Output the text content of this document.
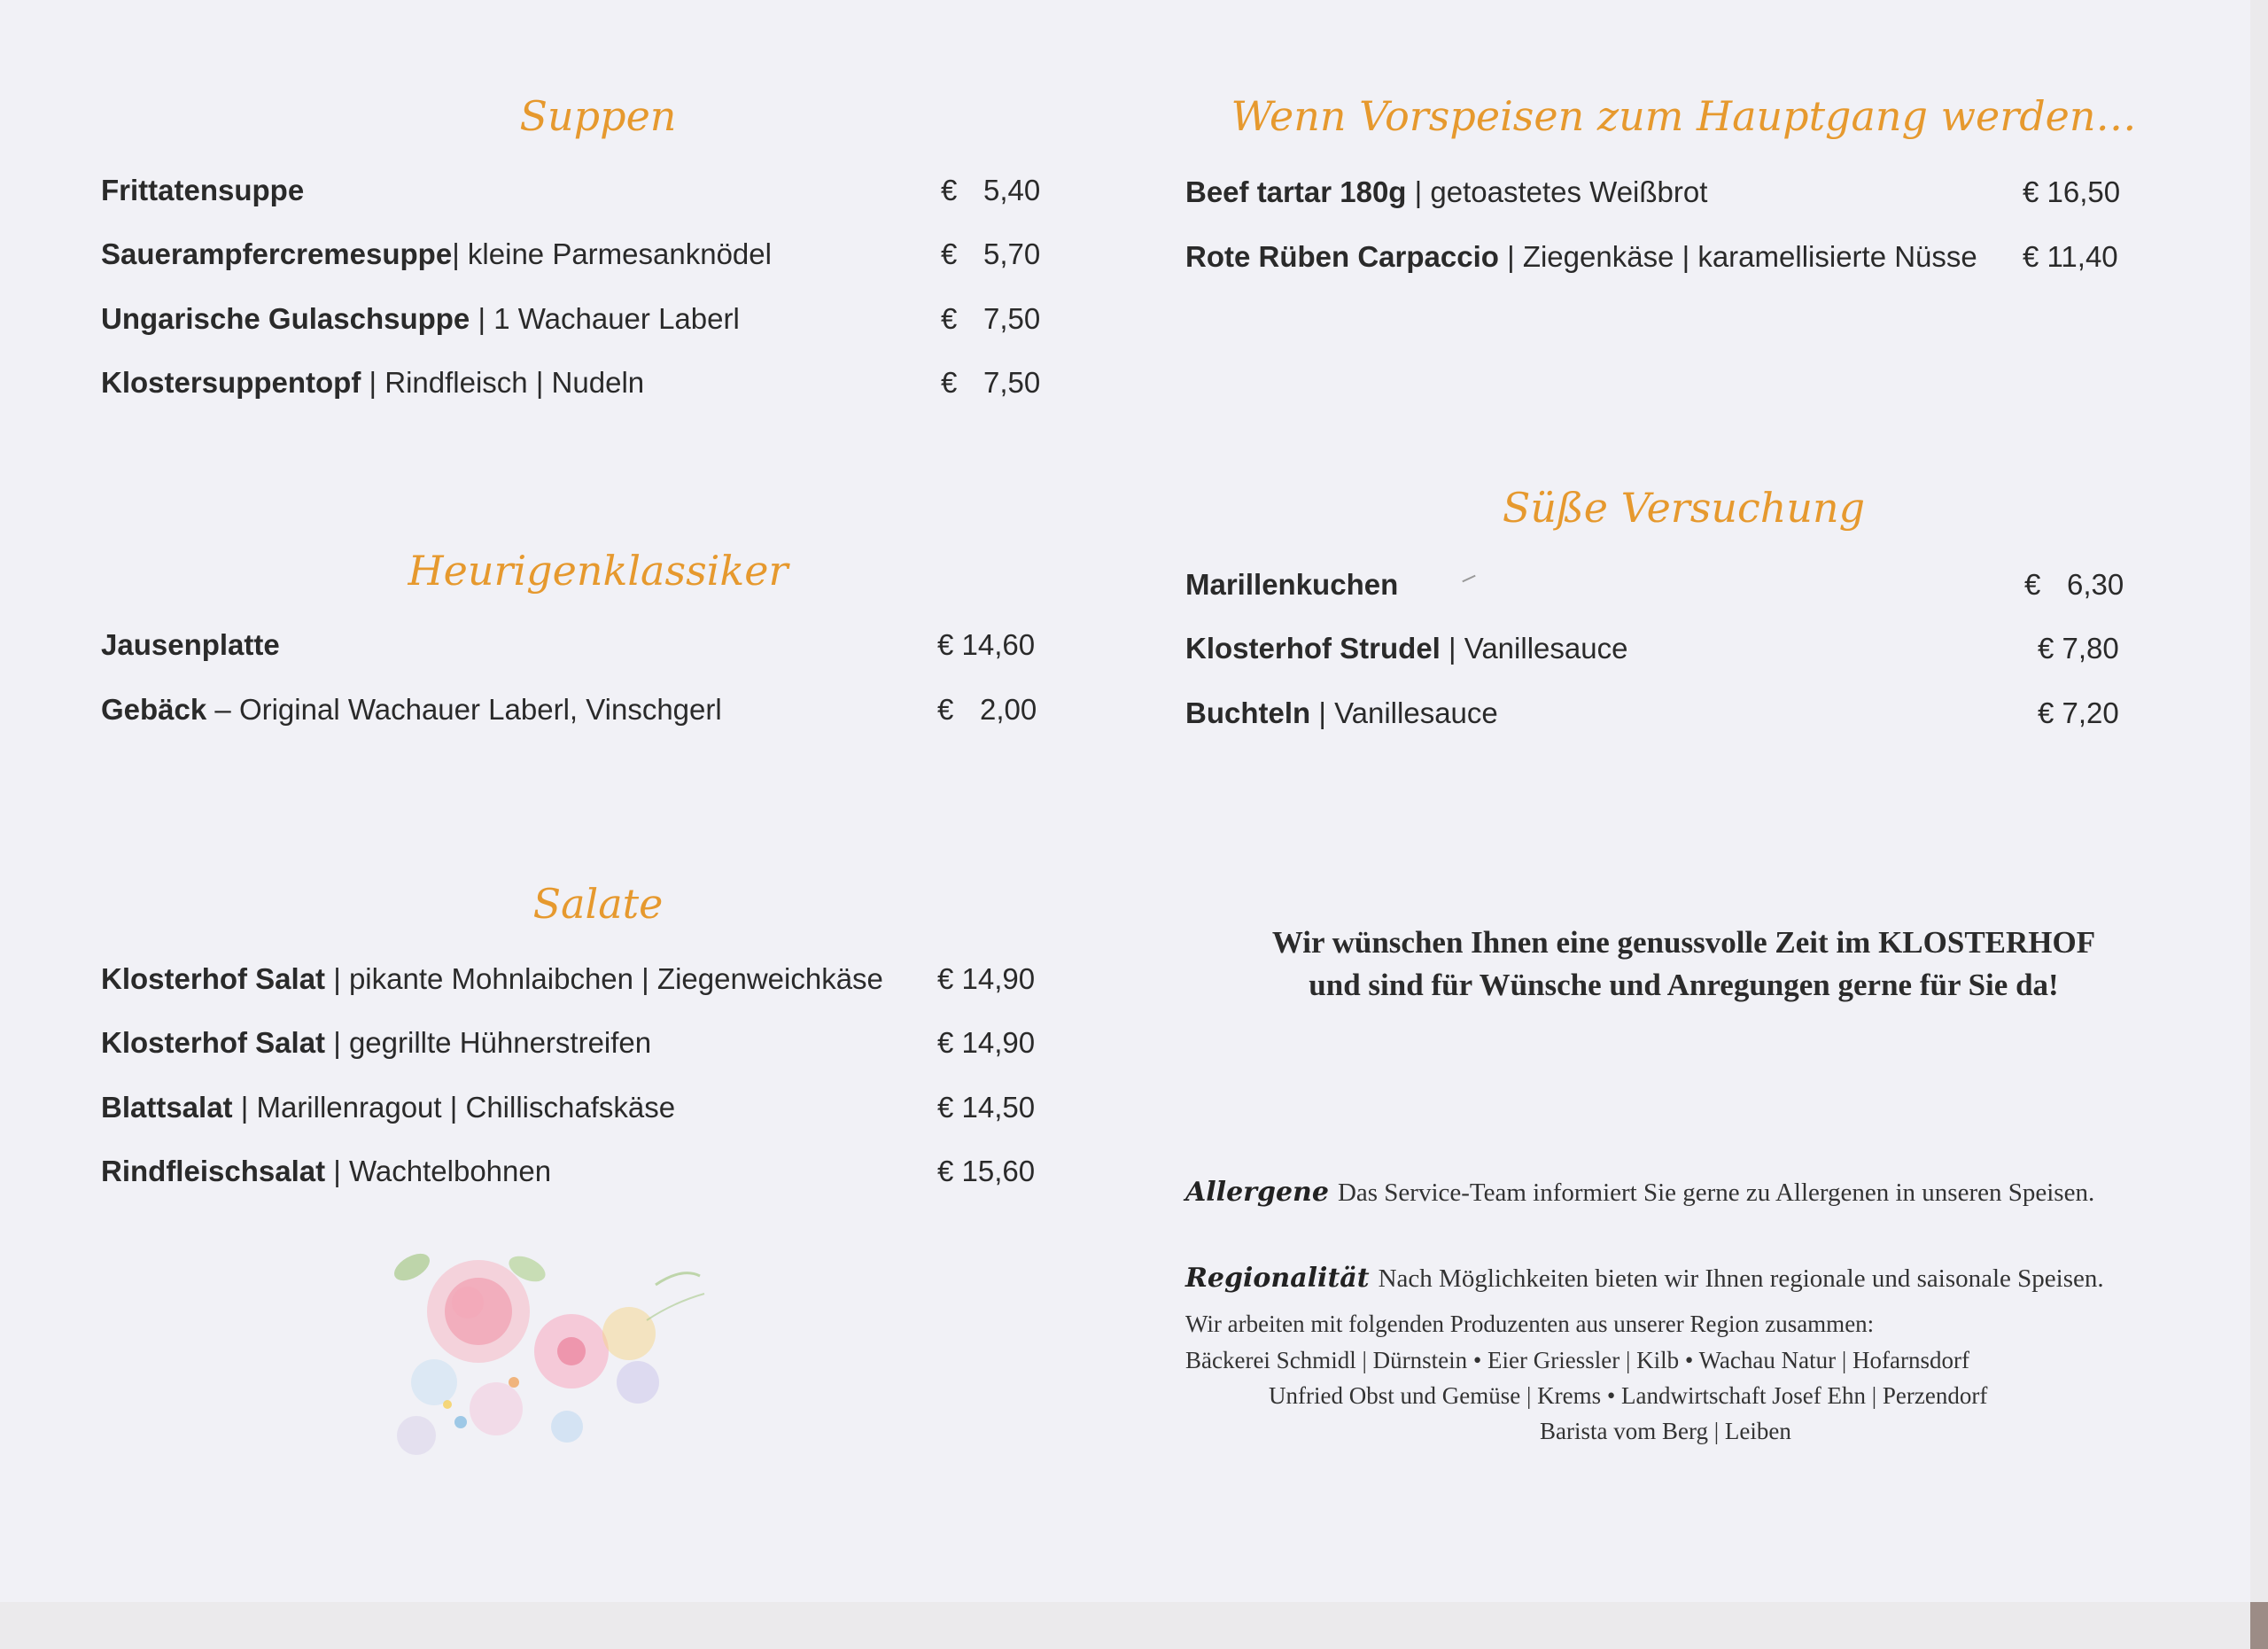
Suppen
Frittatensuppe	€ 5,40
Sauerampfercremesuppe| kleine Parmesanknödel	€ 5,70
Ungarische Gulaschsuppe | 1 Wachauer Laberl	€ 7,50
Klostersuppentopf | Rindfleisch | Nudeln	€ 7,50
Heurigenklassiker
Jausenplatte	€ 14,60
Gebäck – Original Wachauer Laberl, Vinschgerl	€ 2,00
Salate
Klosterhof Salat | pikante Mohnlaibchen | Ziegenweichkäse € 14,90
Klosterhof Salat | gegrillte Hühnerstreifen	€ 14,90
Blattsalat | Marillenragout | Chillischafskäse	€ 14,50
Rindfleischsalat | Wachtelbohnen	€ 15,60
Wenn Vorspeisen zum Hauptgang werden…
Beef tartar 180g | getoastetes Weißbrot	€ 16,50
Rote Rüben Carpaccio | Ziegenkäse | karamellisierte Nüsse € 11,40
Süße Versuchung
Marillenkuchen	€ 6,30
Klosterhof Strudel | Vanillesauce	€ 7,80
Buchteln | Vanillesauce	€ 7,20
Wir wünschen Ihnen eine genussvolle Zeit im KLOSTERHOF
und sind für Wünsche und Anregungen gerne für Sie da!
Allergene Das Service-Team informiert Sie gerne zu Allergenen in unseren Speisen.
Regionalität Nach Möglichkeiten bieten wir Ihnen regionale und saisonale Speisen.
Wir arbeiten mit folgenden Produzenten aus unserer Region zusammen:
Bäckerei Schmidl | Dürnstein • Eier Griessler | Kilb • Wachau Natur | Hofarnsdorf
Unfried Obst und Gemüse | Krems • Landwirtschaft Josef Ehn | Perzendorf
Barista vom Berg | Leiben
